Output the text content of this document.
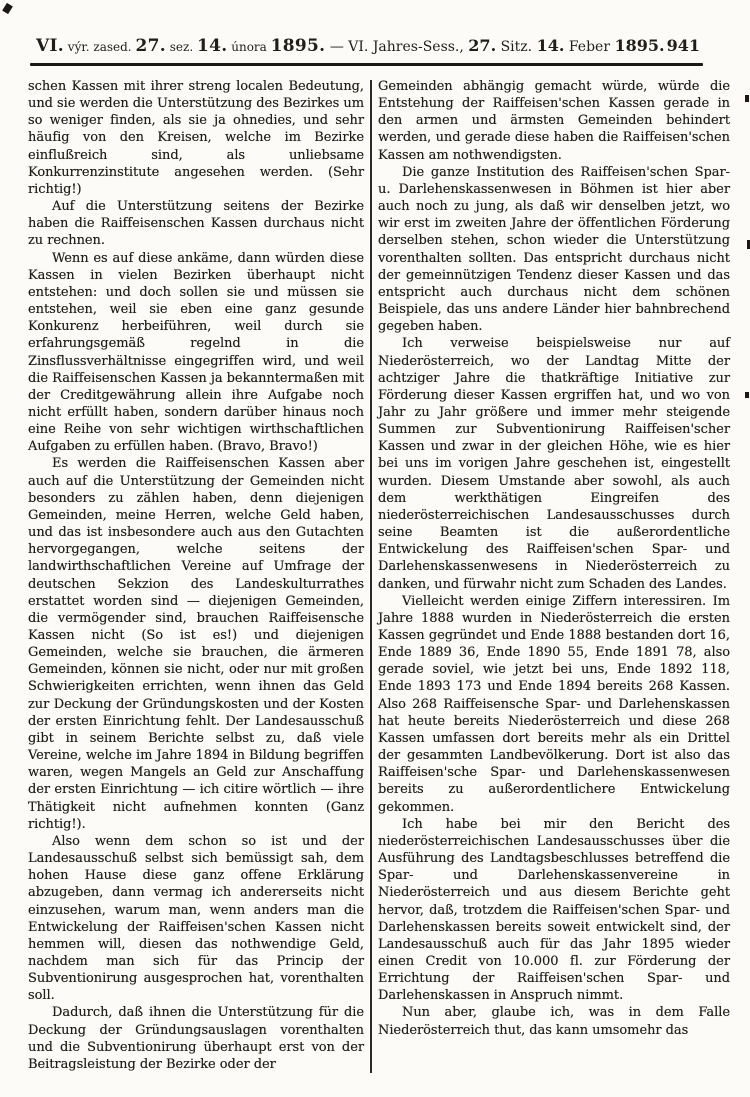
VI. výr. zased. 27. sez. 14. února 1895. — VI. Jahres-Sess., 27. Sitz. 14. Feber 1895. 941

schen Kassen mit ihrer streng localen Bedeutung, und sie werden die Unterstützung des Bezirkes um so weniger finden, als sie ja ohnedies, und sehr häufig von den Kreisen, welche im Bezirke einflußreich sind, als unliebsame Konkurrenzinstitute angesehen werden. (Sehr richtig!)

Auf die Unterstützung seitens der Bezirke haben die Raiffeisenschen Kassen durchaus nicht zu rechnen.

Wenn es auf diese ankäme, dann würden diese Kassen in vielen Bezirken überhaupt nicht entstehen: und doch sollen sie und müssen sie entstehen, weil sie eben eine ganz gesunde Konkurenz herbeiführen, weil durch sie erfahrungsgemäß regelnd in die Zinsflussverhältnisse eingegriffen wird, und weil die Raiffeisenschen Kassen ja bekanntermaßen mit der Creditgewährung allein ihre Aufgabe noch nicht erfüllt haben, sondern darüber hinaus noch eine Reihe von sehr wichtigen wirthschaftlichen Aufgaben zu erfüllen haben. (Bravo, Bravo!)

Es werden die Raiffeisenschen Kassen aber auch auf die Unterstützung der Gemeinden nicht besonders zu zählen haben, denn diejenigen Gemeinden, meine Herren, welche Geld haben, und das ist insbesondere auch aus den Gutachten hervorgegangen, welche seitens der landwirthschaftlichen Vereine auf Umfrage der deutschen Sekzion des Landeskulturrathes erstattet worden sind — diejenigen Gemeinden, die vermögender sind, brauchen Raiffeisensche Kassen nicht (So ist es!) und diejenigen Gemeinden, welche sie brauchen, die ärmeren Gemeinden, können sie nicht, oder nur mit großen Schwierigkeiten errichten, wenn ihnen das Geld zur Deckung der Gründungskosten und der Kosten der ersten Einrichtung fehlt. Der Landesausschuß gibt in seinem Berichte selbst zu, daß viele Vereine, welche im Jahre 1894 in Bildung begriffen waren, wegen Mangels an Geld zur Anschaffung der ersten Einrichtung — ich citire wörtlich — ihre Thätigkeit nicht aufnehmen konnten (Ganz richtig!).

Also wenn dem schon so ist und der Landesausschuß selbst sich bemüssigt sah, dem hohen Hause diese ganz offene Erklärung abzugeben, dann vermag ich andererseits nicht einzusehen, warum man, wenn anders man die Entwickelung der Raiffeisen'schen Kassen nicht hemmen will, diesen das nothwendige Geld, nachdem man sich für das Princip der Subventionirung ausgesprochen hat, vorenthalten soll.

Dadurch, daß ihnen die Unterstützung für die Deckung der Gründungsauslagen vorenthalten und die Subventionirung überhaupt erst von der Beitragsleistung der Bezirke oder der

Gemeinden abhängig gemacht würde, würde die Entstehung der Raiffeisen'schen Kassen gerade in den armen und ärmsten Gemeinden behindert werden, und gerade diese haben die Raiffeisen'schen Kassen am nothwendigsten.

Die ganze Institution des Raiffeisen'schen Spar- u. Darlehenskassenwesen in Böhmen ist hier aber auch noch zu jung, als daß wir denselben jetzt, wo wir erst im zweiten Jahre der öffentlichen Förderung derselben stehen, schon wieder die Unterstützung vorenthalten sollten. Das entspricht durchaus nicht der gemeinnützigen Tendenz dieser Kassen und das entspricht auch durchaus nicht dem schönen Beispiele, das uns andere Länder hier bahnbrechend gegeben haben.

Ich verweise beispielsweise nur auf Niederösterreich, wo der Landtag Mitte der achtziger Jahre die thatkräftige Initiative zur Förderung dieser Kassen ergriffen hat, und wo von Jahr zu Jahr größere und immer mehr steigende Summen zur Subventionirung Raiffeisen'scher Kassen und zwar in der gleichen Höhe, wie es hier bei uns im vorigen Jahre geschehen ist, eingestellt wurden. Diesem Umstande aber sowohl, als auch dem werkthätigen Eingreifen des niederösterreichischen Landesausschusses durch seine Beamten ist die außerordentliche Entwickelung des Raiffeisen'schen Spar- und Darlehenskassenwesens in Niederösterreich zu danken, und fürwahr nicht zum Schaden des Landes.

Vielleicht werden einige Ziffern interessiren. Im Jahre 1888 wurden in Niederösterreich die ersten Kassen gegründet und Ende 1888 bestanden dort 16, Ende 1889 36, Ende 1890 55, Ende 1891 78, also gerade soviel, wie jetzt bei uns, Ende 1892 118, Ende 1893 173 und Ende 1894 bereits 268 Kassen. Also 268 Raiffeisensche Spar- und Darlehenskassen hat heute bereits Niederösterreich und diese 268 Kassen umfassen dort bereits mehr als ein Drittel der gesammten Landbevölkerung. Dort ist also das Raiffeisen'sche Spar- und Darlehenskassenwesen bereits zu außerordentlichere Entwickelung gekommen.

Ich habe bei mir den Bericht des niederösterreichischen Landesausschusses über die Ausführung des Landtagsbeschlusses betreffend die Spar- und Darlehenskassenvereine in Niederösterreich und aus diesem Berichte geht hervor, daß, trotzdem die Raiffeisen'schen Spar- und Darlehenskassen bereits soweit entwickelt sind, der Landesausschuß auch für das Jahr 1895 wieder einen Credit von 10.000 fl. zur Förderung der Errichtung der Raiffeisen'schen Spar- und Darlehenskassen in Anspruch nimmt.

Nun aber, glaube ich, was in dem Falle Niederösterreich thut, das kann umsomehr das
